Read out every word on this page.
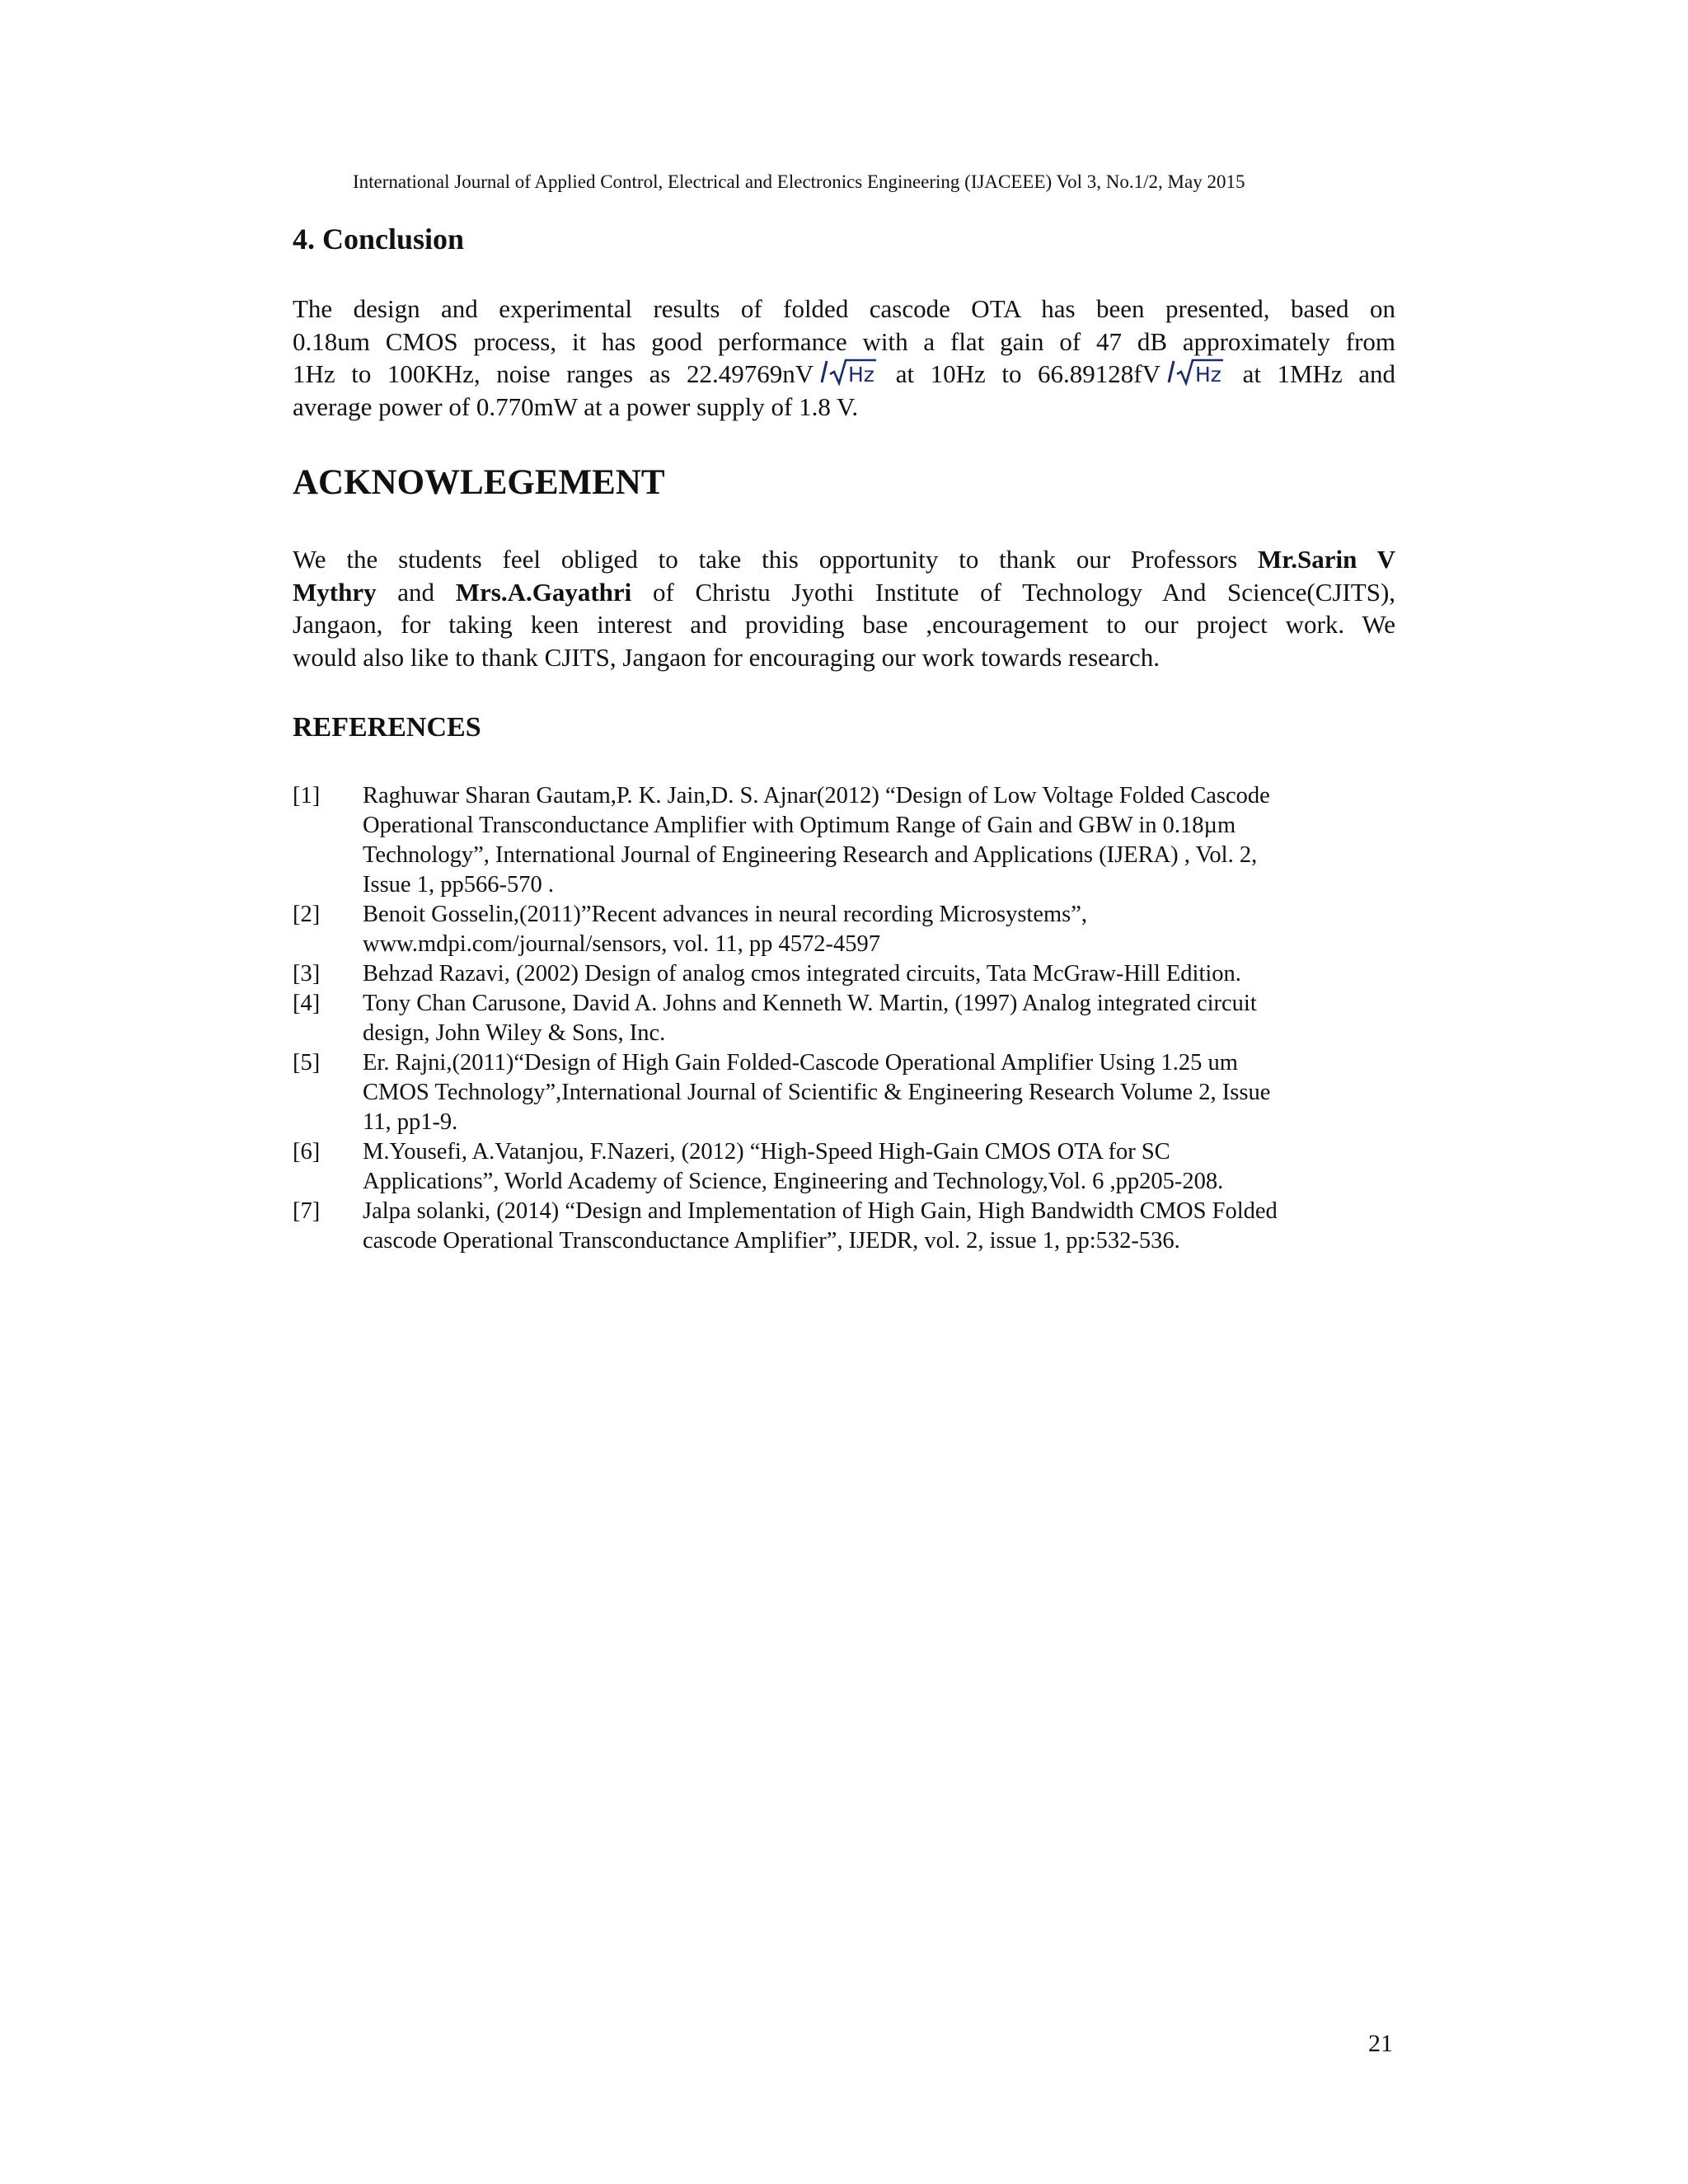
International Journal of Applied Control, Electrical and Electronics Engineering (IJACEEE) Vol 3, No.1/2, May 2015
4. Conclusion
The design and experimental results of folded cascode OTA has been presented, based on
0.18um CMOS process, it has good performance with a flat gain of 47 dB approximately from
1Hz to 100KHz, noise ranges as 22.49769nV Hz at 10Hz to 66.89128fV Hz at 1MHz and
average power of 0.770mW at a power supply of 1.8 V.
ACKNOWLEGEMENT
We the students feel obliged to take this opportunity to thank our Professors Mr.Sarin V
Mythry and Mrs.A.Gayathri of Christu Jyothi Institute of Technology And Science(CJITS),
Jangaon, for taking keen interest and providing base ,encouragement to our project work. We
would also like to thank CJITS, Jangaon for encouraging our work towards research.
REFERENCES
[1] Raghuwar Sharan Gautam,P. K. Jain,D. S. Ajnar(2012) “Design of Low Voltage Folded Cascode
Operational Transconductance Amplifier with Optimum Range of Gain and GBW in 0.18µm
Technology”, International Journal of Engineering Research and Applications (IJERA) , Vol. 2,
Issue 1, pp566-570 .
[2] Benoit Gosselin,(2011)”Recent advances in neural recording Microsystems”,
www.mdpi.com/journal/sensors, vol. 11, pp 4572-4597
[3] Behzad Razavi, (2002) Design of analog cmos integrated circuits, Tata McGraw-Hill Edition.
[4] Tony Chan Carusone, David A. Johns and Kenneth W. Martin, (1997) Analog integrated circuit
design, John Wiley & Sons, Inc.
[5] Er. Rajni,(2011)“Design of High Gain Folded-Cascode Operational Amplifier Using 1.25 um
CMOS Technology”,International Journal of Scientific & Engineering Research Volume 2, Issue
11, pp1-9.
[6] M.Yousefi, A.Vatanjou, F.Nazeri, (2012) “High-Speed High-Gain CMOS OTA for SC
Applications”, World Academy of Science, Engineering and Technology,Vol. 6 ,pp205-208.
[7] Jalpa solanki, (2014) “Design and Implementation of High Gain, High Bandwidth CMOS Folded
cascode Operational Transconductance Amplifier”, IJEDR, vol. 2, issue 1, pp:532-536.
21
